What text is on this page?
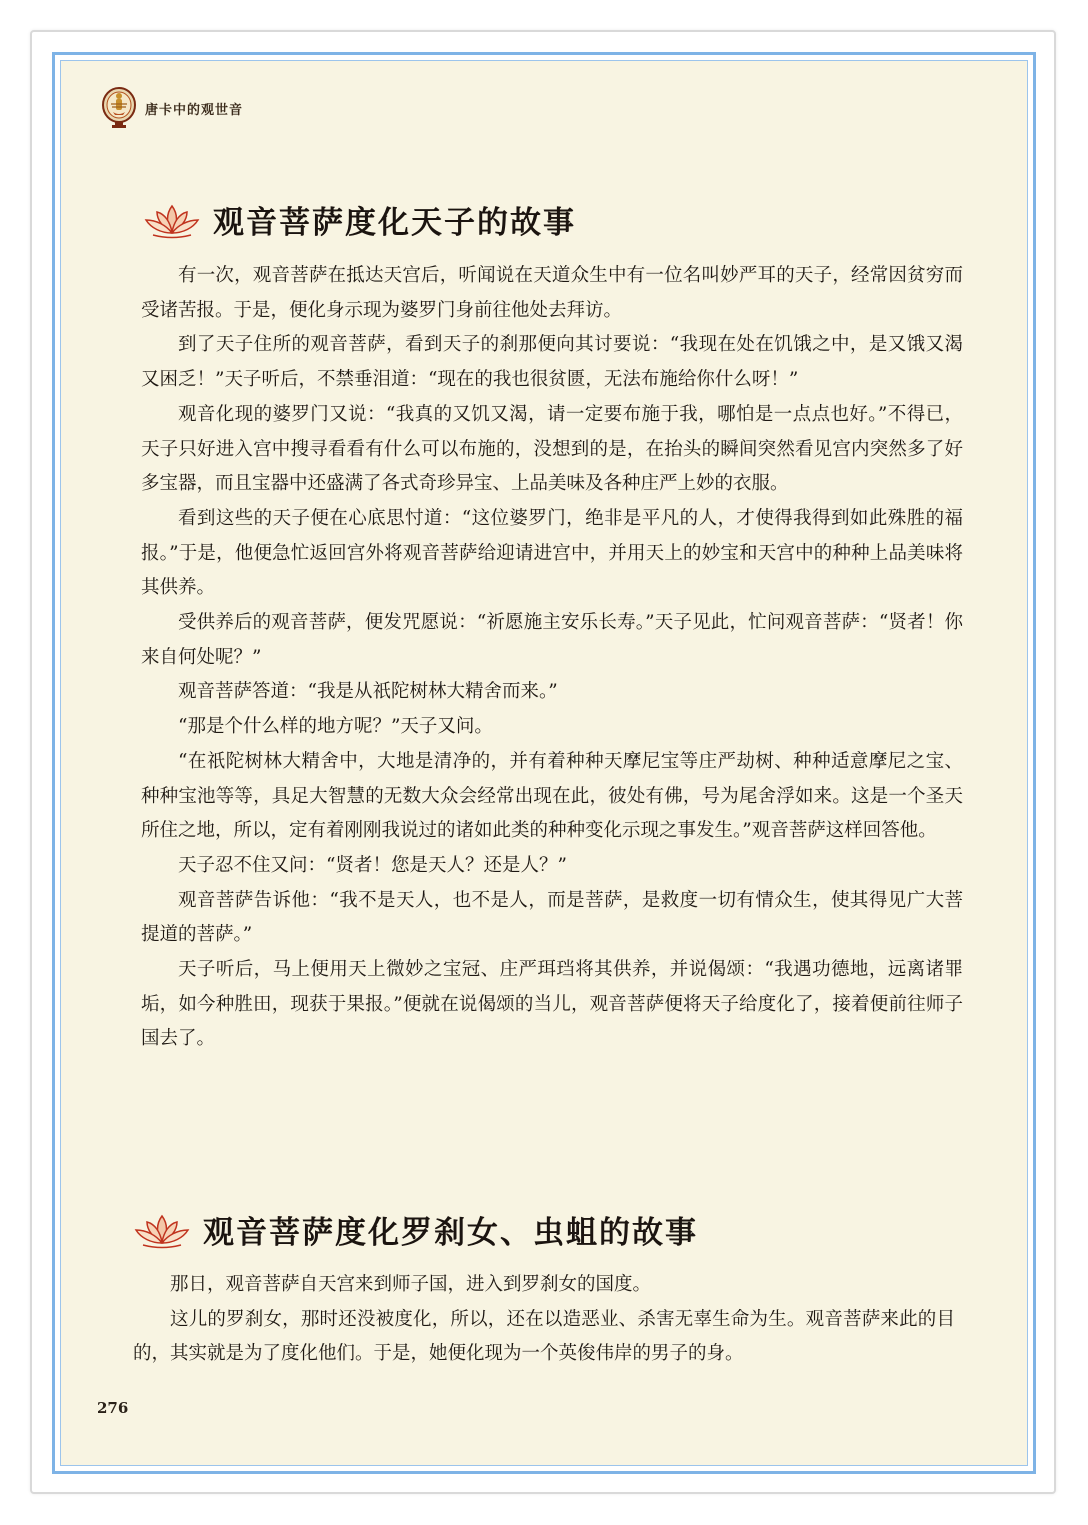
唐卡中的观世音
观音菩萨度化天子的故事

有一次，观音菩萨在抵达天宫后，听闻说在天道众生中有一位名叫妙严耳的天子，经常因贫穷而受诸苦报。于是，便化身示现为婆罗门身前往他处去拜访。

到了天子住所的观音菩萨，看到天子的刹那便向其讨要说：“我现在处在饥饿之中，是又饿又渴又困乏！”天子听后，不禁垂泪道：“现在的我也很贫匮，无法布施给你什么呀！”

观音化现的婆罗门又说：“我真的又饥又渴，请一定要布施于我，哪怕是一点点也好。”不得已，天子只好进入宫中搜寻看看有什么可以布施的，没想到的是，在抬头的瞬间突然看见宫内突然多了好多宝器，而且宝器中还盛满了各式奇珍异宝、上品美味及各种庄严上妙的衣服。

看到这些的天子便在心底思忖道：“这位婆罗门，绝非是平凡的人，才使得我得到如此殊胜的福报。”于是，他便急忙返回宫外将观音菩萨给迎请进宫中，并用天上的妙宝和天宫中的种种上品美味将其供养。

受供养后的观音菩萨，便发咒愿说：“祈愿施主安乐长寿。”天子见此，忙问观音菩萨：“贤者！你来自何处呢？”

观音菩萨答道：“我是从祇陀树林大精舍而来。”

“那是个什么样的地方呢？”天子又问。

“在祇陀树林大精舍中，大地是清净的，并有着种种天摩尼宝等庄严劫树、种种适意摩尼之宝、种种宝池等等，具足大智慧的无数大众会经常出现在此，彼处有佛，号为尾舍浮如来。这是一个圣天所住之地，所以，定有着刚刚我说过的诸如此类的种种变化示现之事发生。”观音菩萨这样回答他。

天子忍不住又问：“贤者！您是天人？还是人？”

观音菩萨告诉他：“我不是天人，也不是人，而是菩萨，是救度一切有情众生，使其得见广大菩提道的菩萨。”

天子听后，马上便用天上微妙之宝冠、庄严珥珰将其供养，并说偈颂：“我遇功德地，远离诸罪垢，如今种胜田，现获于果报。”便就在说偈颂的当儿，观音菩萨便将天子给度化了，接着便前往师子国去了。

观音菩萨度化罗刹女、虫蛆的故事

那日，观音菩萨自天宫来到师子国，进入到罗刹女的国度。

这儿的罗刹女，那时还没被度化，所以，还在以造恶业、杀害无辜生命为生。观音菩萨来此的目的，其实就是为了度化他们。于是，她便化现为一个英俊伟岸的男子的身。

276
